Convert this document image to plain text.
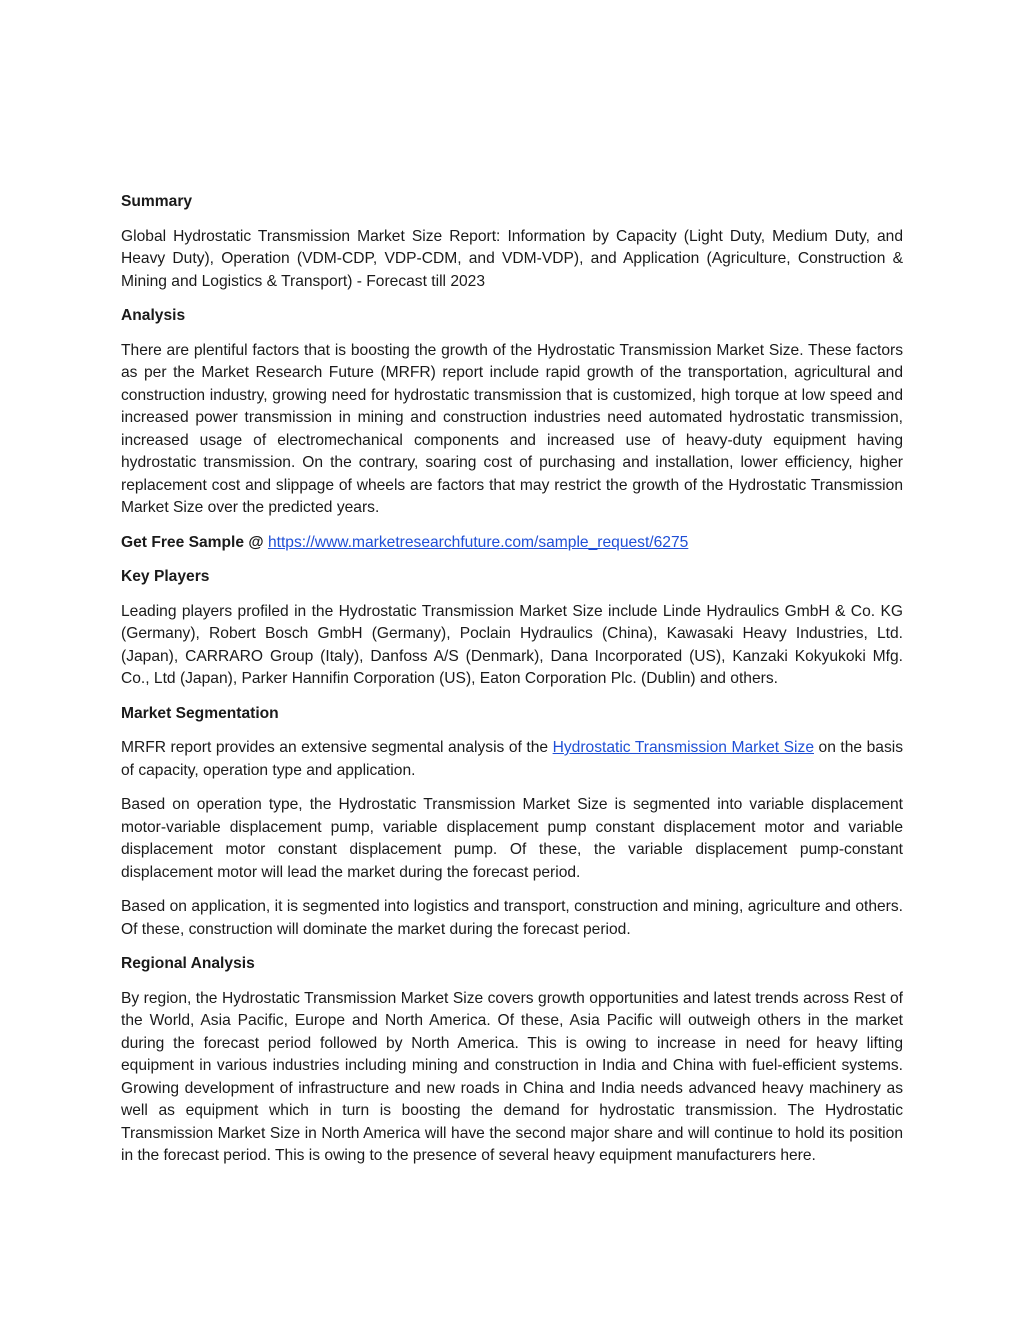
Summary
Global Hydrostatic Transmission Market Size Report: Information by Capacity (Light Duty, Medium Duty, and Heavy Duty), Operation (VDM-CDP, VDP-CDM, and VDM-VDP), and Application (Agriculture, Construction & Mining and Logistics & Transport) - Forecast till 2023
Analysis
There are plentiful factors that is boosting the growth of the Hydrostatic Transmission Market Size. These factors as per the Market Research Future (MRFR) report include rapid growth of the transportation, agricultural and construction industry, growing need for hydrostatic transmission that is customized, high torque at low speed and increased power transmission in mining and construction industries need automated hydrostatic transmission, increased usage of electromechanical components and increased use of heavy-duty equipment having hydrostatic transmission. On the contrary, soaring cost of purchasing and installation, lower efficiency, higher replacement cost and slippage of wheels are factors that may restrict the growth of the Hydrostatic Transmission Market Size over the predicted years.
Get Free Sample @ https://www.marketresearchfuture.com/sample_request/6275
Key Players
Leading players profiled in the Hydrostatic Transmission Market Size include Linde Hydraulics GmbH & Co. KG (Germany), Robert Bosch GmbH (Germany), Poclain Hydraulics (China), Kawasaki Heavy Industries, Ltd. (Japan), CARRARO Group (Italy), Danfoss A/S (Denmark), Dana Incorporated (US), Kanzaki Kokyukoki Mfg. Co., Ltd (Japan), Parker Hannifin Corporation (US), Eaton Corporation Plc. (Dublin) and others.
Market Segmentation
MRFR report provides an extensive segmental analysis of the Hydrostatic Transmission Market Size on the basis of capacity, operation type and application.
Based on operation type, the Hydrostatic Transmission Market Size is segmented into variable displacement motor-variable displacement pump, variable displacement pump constant displacement motor and variable displacement motor constant displacement pump. Of these, the variable displacement pump-constant displacement motor will lead the market during the forecast period.
Based on application, it is segmented into logistics and transport, construction and mining, agriculture and others. Of these, construction will dominate the market during the forecast period.
Regional Analysis
By region, the Hydrostatic Transmission Market Size covers growth opportunities and latest trends across Rest of the World, Asia Pacific, Europe and North America. Of these, Asia Pacific will outweigh others in the market during the forecast period followed by North America. This is owing to increase in need for heavy lifting equipment in various industries including mining and construction in India and China with fuel-efficient systems. Growing development of infrastructure and new roads in China and India needs advanced heavy machinery as well as equipment which in turn is boosting the demand for hydrostatic transmission. The Hydrostatic Transmission Market Size in North America will have the second major share and will continue to hold its position in the forecast period. This is owing to the presence of several heavy equipment manufacturers here.
